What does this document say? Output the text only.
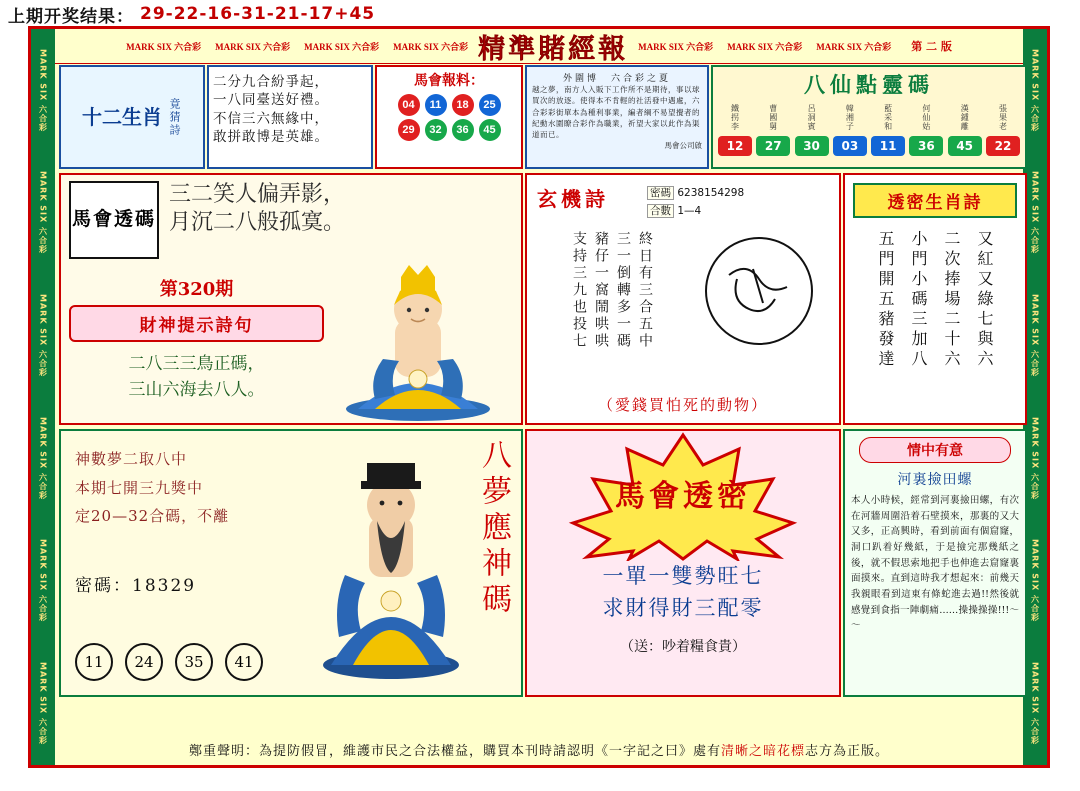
上期开奖结果： 29-22-16-31-21-17+45
MARK SIX 六合彩
MARK SIX 六合彩
MARK SIX 六合彩
MARK SIX 六合彩
MARK SIX 六合彩
MARK SIX 六合彩
MARK SIX 六合彩
MARK SIX 六合彩
MARK SIX 六合彩
MARK SIX 六合彩
MARK SIX 六合彩
MARK SIX 六合彩
MARK SIX 六合彩 MARK SIX 六合彩 MARK SIX 六合彩 MARK SIX 六合彩 精準賭經報	MARK SIX 六合彩 MARK SIX 六合彩 MARK SIX 六合彩 第 二 版
十二生肖 竟猜詩
二分九合紛爭起，
一八同臺送好禮。
不信三六無緣中，
敢拼敢博是英雄。
馬會報料：
04	11	18	25
29	32	36	45
外圍博　六合彩之夏
越之夢，南方人入販下工作所不是期待，事以球買次的放逐。使得本不肯輕的社活發中遇處，六合彩彩街單本為種利事業，編者綱不易望攪者的紀動水圍瞭合彩作為職業，祈望大家以此作為渠道而已。
馬會公司啟
八仙點靈碼
鐵拐李
12
曹國舅
27
呂洞賓
30
韓湘子
03
藍采和
11
何仙姑
36
漢鍾離
45
張果老
22
馬會透碼
三二笑人偏弄影，
月沉二八般孤寞。
第320期
財神提示詩句
二八三三鳥正碼，
三山六海去八人。
玄機詩	密碼 6238154298
合數 1—4
終日有三合五中
三一倒轉多一碼
豬仔一窩鬧哄哄
支持三九也投七
（愛錢買怕死的動物）
透密生肖詩
又紅又綠七與六
二次捧場二十六
小門小碼三加八
五門開五豬發達
神數夢二取八中
本期七開三九獎中
定20—32合碼，不離
密碼：18329
11	24	35	41
八夢應神碼	馬會透密
一單一雙勢旺七
求財得財三配零
（送：吵着糧食貴）
情中有意
河裏撿田螺
本人小時候，經常到河裏撿田螺，有次在河牆周圍沿着石壁摸來，那裏的又大又多，正高興時，看到前面有個窟窿，洞口趴着好幾紙，于是撿完那幾紙之後，就不假思索地把手也伸進去窟窿裏面摸來。直到這時我才想起來：前幾天我親眼看到這東有條蛇進去過!!然後就感覺到食指一陣劇痛……操操操操!!!～～
鄭重聲明：為提防假冒，維護市民之合法權益，購買本刊時請認明《一字記之曰》處有 清晰之暗花標 志方為正版。
